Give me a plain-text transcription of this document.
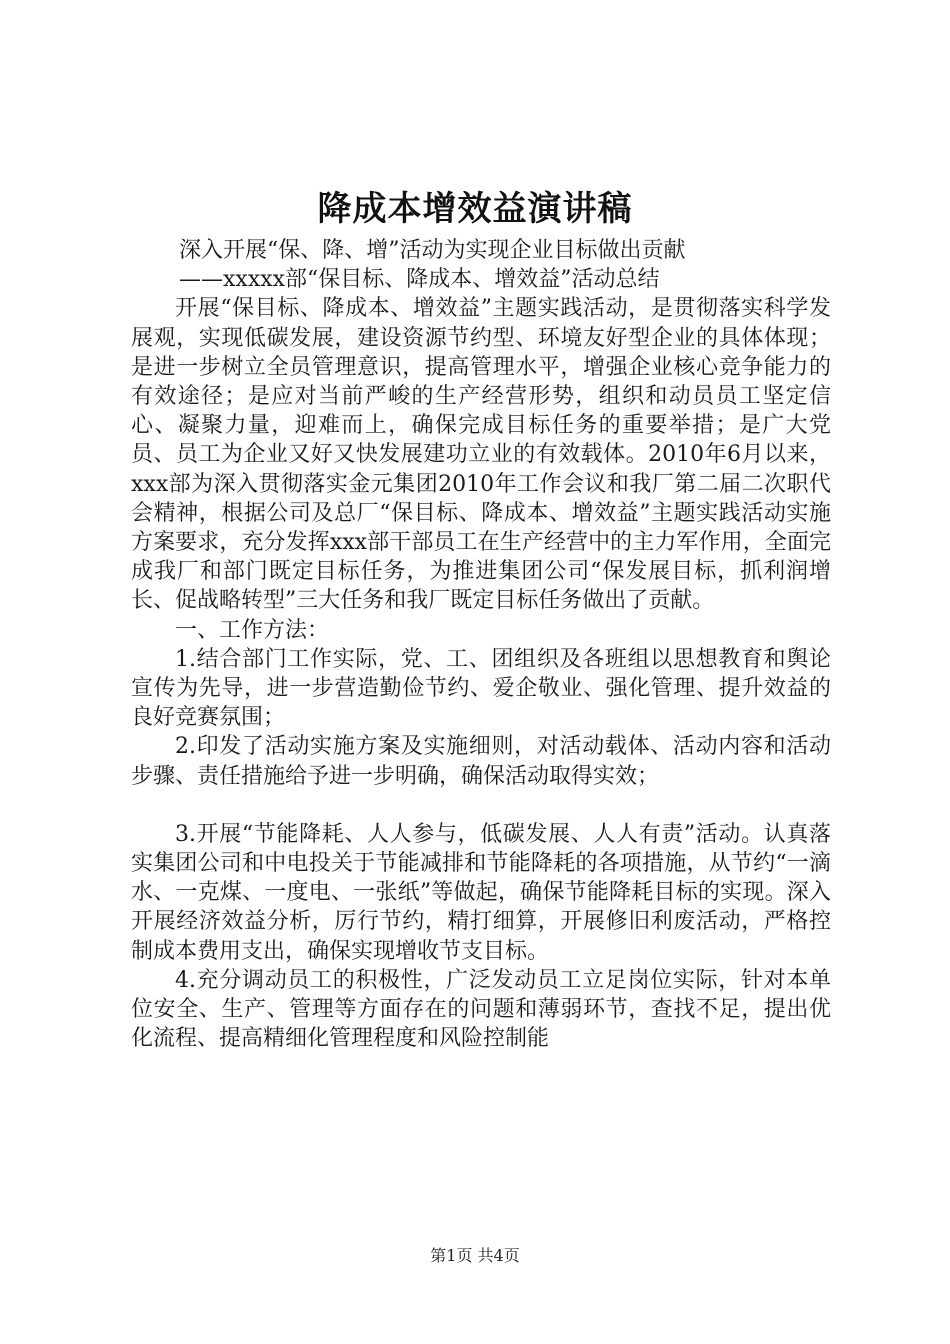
降成本增效益演讲稿

深入开展“保、降、增”活动为实现企业目标做出贡献

——xxxxx部“保目标、降成本、增效益”活动总结

开展“保目标、降成本、增效益”主题实践活动，是贯彻落实科学发展观，实现低碳发展，建设资源节约型、环境友好型企业的具体体现；是进一步树立全员管理意识，提高管理水平，增强企业核心竞争能力的有效途径；是应对当前严峻的生产经营形势，组织和动员员工坚定信心、凝聚力量，迎难而上，确保完成目标任务的重要举措；是广大党员、员工为企业又好又快发展建功立业的有效载体。2010年6月以来，xxx部为深入贯彻落实金元集团2010年工作会议和我厂第二届二次职代会精神，根据公司及总厂“保目标、降成本、增效益”主题实践活动实施方案要求，充分发挥xxx部干部员工在生产经营中的主力军作用，全面完成我厂和部门既定目标任务，为推进集团公司“保发展目标，抓利润增长、促战略转型”三大任务和我厂既定目标任务做出了贡献。

一、工作方法：

1.结合部门工作实际，党、工、团组织及各班组以思想教育和舆论宣传为先导，进一步营造勤俭节约、爱企敬业、强化管理、提升效益的良好竞赛氛围；

2.印发了活动实施方案及实施细则，对活动载体、活动内容和活动步骤、责任措施给予进一步明确，确保活动取得实效；

3.开展“节能降耗、人人参与，低碳发展、人人有责”活动。认真落实集团公司和中电投关于节能减排和节能降耗的各项措施，从节约“一滴水、一克煤、一度电、一张纸”等做起，确保节能降耗目标的实现。深入开展经济效益分析，厉行节约，精打细算，开展修旧利废活动，严格控制成本费用支出，确保实现增收节支目标。

4.充分调动员工的积极性，广泛发动员工立足岗位实际，针对本单位安全、生产、管理等方面存在的问题和薄弱环节，查找不足，提出优化流程、提高精细化管理程度和风险控制能

第1页 共4页
